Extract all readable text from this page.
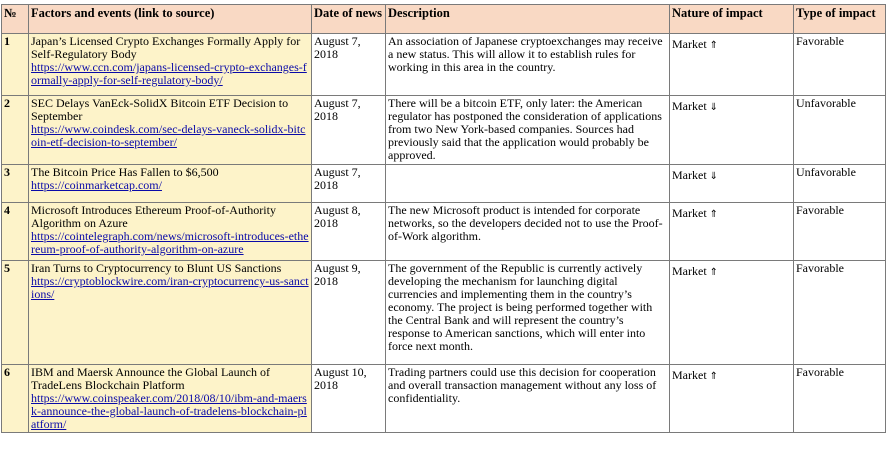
№	Factors and events (link to source)	Date of news	Description	Nature of impact	Type of impact
1	Japan’s Licensed Crypto Exchanges Formally Apply for Self-Regulatory Body
https://www.ccn.com/japans-licensed-crypto-exchanges-formally-apply-for-self-regulatory-body/	August 7, 2018	An association of Japanese cryptoexchanges may receive a new status. This will allow it to establish rules for working in this area in the country.	Market ⇑	Favorable
2	SEC Delays VanEck-SolidX Bitcoin ETF Decision to September
https://www.coindesk.com/sec-delays-vaneck-solidx-bitcoin-etf-decision-to-september/	August 7, 2018	There will be a bitcoin ETF, only later: the American regulator has postponed the consideration of applications from two New York-based companies. Sources had previously said that the application would probably be approved.	Market ⇓	Unfavorable
3	The Bitcoin Price Has Fallen to $6,500
https://coinmarketcap.com/	August 7, 2018		Market ⇓	Unfavorable
4	Microsoft Introduces Ethereum Proof-of-Authority Algorithm on Azure
https://cointelegraph.com/news/microsoft-introduces-ethereum-proof-of-authority-algorithm-on-azure	August 8, 2018	The new Microsoft product is intended for corporate networks, so the developers decided not to use the Proof-of-Work algorithm.	Market ⇑	Favorable
5	Iran Turns to Cryptocurrency to Blunt US Sanctions
https://cryptoblockwire.com/iran-cryptocurrency-us-sanctions/	August 9, 2018	The government of the Republic is currently actively developing the mechanism for launching digital currencies and implementing them in the country’s economy. The project is being performed together with the Central Bank and will represent the country’s response to American sanctions, which will enter into force next month.	Market ⇑	Favorable
6	IBM and Maersk Announce the Global Launch of TradeLens Blockchain Platform
https://www.coinspeaker.com/2018/08/10/ibm-and-maersk-announce-the-global-launch-of-tradelens-blockchain-platform/	August 10, 2018	Trading partners could use this decision for cooperation and overall transaction management without any loss of confidentiality.	Market ⇑	Favorable
